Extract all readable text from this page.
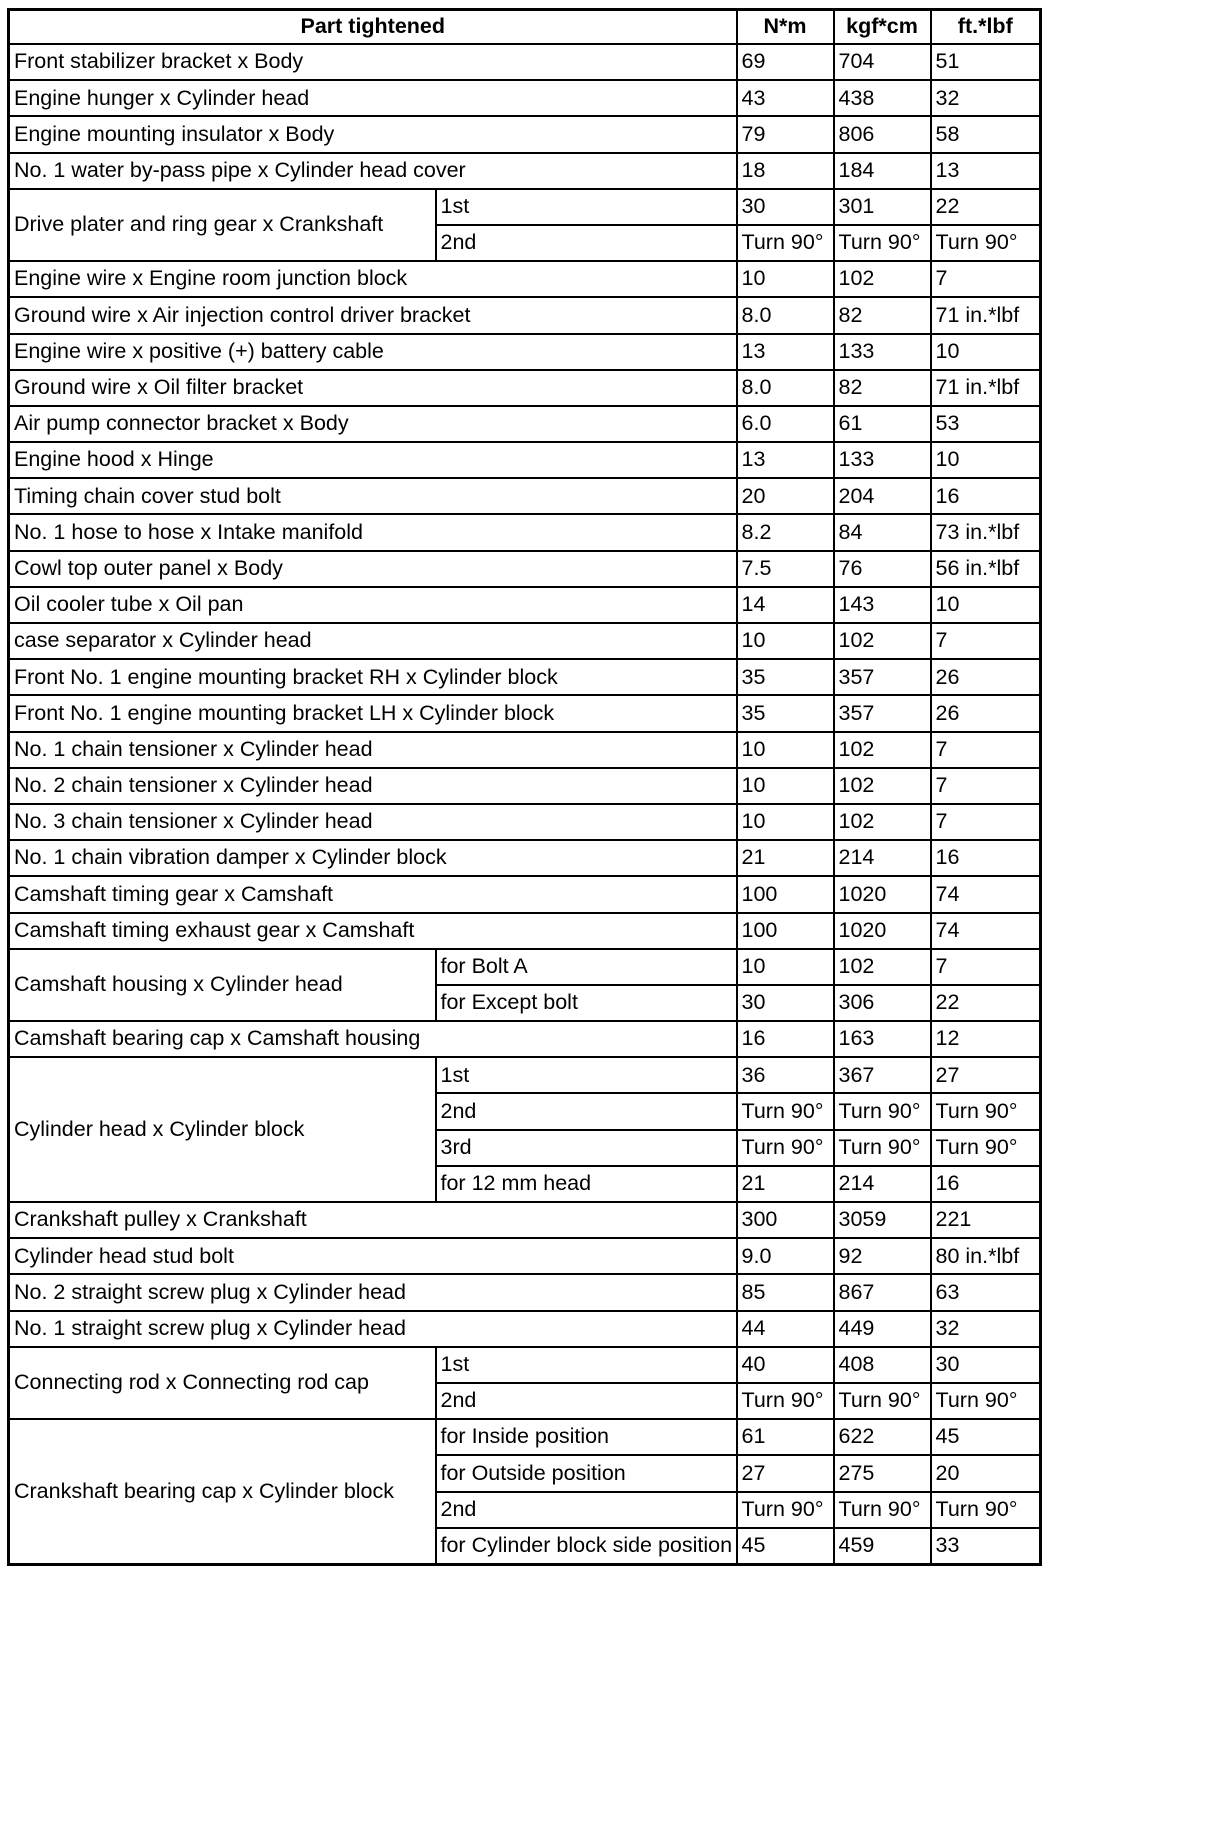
Part tightened		N*m	kgf*cm	ft.*lbf
Front stabilizer bracket x Body		69	704	51
Engine hunger x Cylinder head		43	438	32
Engine mounting insulator x Body		79	806	58
No. 1 water by-pass pipe x Cylinder head cover		18	184	13
Drive plater and ring gear x Crankshaft	1st	30	301	22
	2nd	Turn 90°	Turn 90°	Turn 90°
Engine wire x Engine room junction block		10	102	7
Ground wire x Air injection control driver bracket		8.0	82	71 in.*lbf
Engine wire x positive (+) battery cable		13	133	10
Ground wire x Oil filter bracket		8.0	82	71 in.*lbf
Air pump connector bracket x Body		6.0	61	53
Engine hood x Hinge		13	133	10
Timing chain cover stud bolt		20	204	16
No. 1 hose to hose x Intake manifold		8.2	84	73 in.*lbf
Cowl top outer panel x Body		7.5	76	56 in.*lbf
Oil cooler tube x Oil pan		14	143	10
case separator x Cylinder head		10	102	7
Front No. 1 engine mounting bracket RH x Cylinder block		35	357	26
Front No. 1 engine mounting bracket LH x Cylinder block		35	357	26
No. 1 chain tensioner x Cylinder head		10	102	7
No. 2 chain tensioner x Cylinder head		10	102	7
No. 3 chain tensioner x Cylinder head		10	102	7
No. 1 chain vibration damper x Cylinder block		21	214	16
Camshaft timing gear x Camshaft		100	1020	74
Camshaft timing exhaust gear x Camshaft		100	1020	74
Camshaft housing x Cylinder head	for Bolt A	10	102	7
	for Except bolt	30	306	22
Camshaft bearing cap x Camshaft housing		16	163	12
Cylinder head x Cylinder block	1st	36	367	27
	2nd	Turn 90°	Turn 90°	Turn 90°
	3rd	Turn 90°	Turn 90°	Turn 90°
	for 12 mm head	21	214	16
Crankshaft pulley x Crankshaft		300	3059	221
Cylinder head stud bolt		9.0	92	80 in.*lbf
No. 2 straight screw plug x Cylinder head		85	867	63
No. 1 straight screw plug x Cylinder head		44	449	32
Connecting rod x Connecting rod cap	1st	40	408	30
	2nd	Turn 90°	Turn 90°	Turn 90°
Crankshaft bearing cap x Cylinder block	for Inside position	61	622	45
	for Outside position	27	275	20
	2nd	Turn 90°	Turn 90°	Turn 90°
	for Cylinder block side position	45	459	33
